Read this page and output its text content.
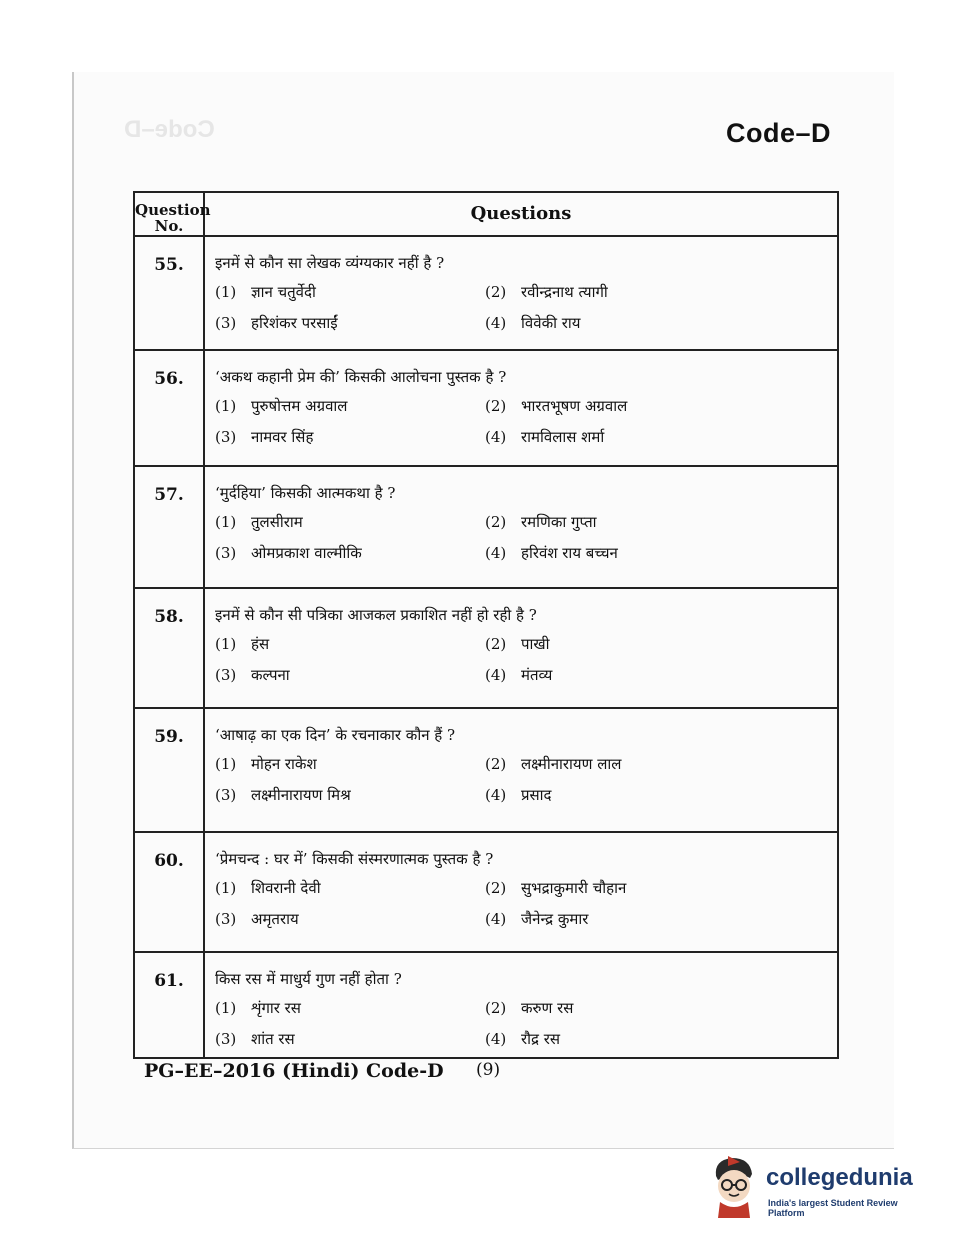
Code–D	Code–D
Question No.
Questions
55.	इनमें से कौन सा लेखक व्यंग्यकार नहीं है ?
(1) ज्ञान चतुर्वेदी	(2) रवीन्द्रनाथ त्यागी
(3) हरिशंकर परसाईं	(4) विवेकी राय
56.	‘अकथ कहानी प्रेम की’ किसकी आलोचना पुस्तक है ?
(1) पुरुषोत्तम अग्रवाल	(2) भारतभूषण अग्रवाल
(3) नामवर सिंह	(4) रामविलास शर्मा
57.	‘मुर्दहिया’ किसकी आत्मकथा है ?
(1) तुलसीराम	(2) रमणिका गुप्ता
(3) ओमप्रकाश वाल्मीकि	(4) हरिवंश राय बच्चन
58.	इनमें से कौन सी पत्रिका आजकल प्रकाशित नहीं हो रही है ?
(1) हंस	(2) पाखी
(3) कल्पना	(4) मंतव्य
59.	‘आषाढ़ का एक दिन’ के रचनाकार कौन हैं ?
(1) मोहन राकेश	(2) लक्ष्मीनारायण लाल
(3) लक्ष्मीनारायण मिश्र	(4) प्रसाद
60.	‘प्रेमचन्द : घर में’ किसकी संस्मरणात्मक पुस्तक है ?
(1) शिवरानी देवी	(2) सुभद्राकुमारी चौहान
(3) अमृतराय	(4) जैनेन्द्र कुमार
61.	किस रस में माधुर्य गुण नहीं होता ?
(1) शृंगार रस	(2) करुण रस
(3) शांत रस	(4) रौद्र रस
PG–EE–2016 (Hindi) Code-D (9)
collegedunia
India's largest Student Review Platform
